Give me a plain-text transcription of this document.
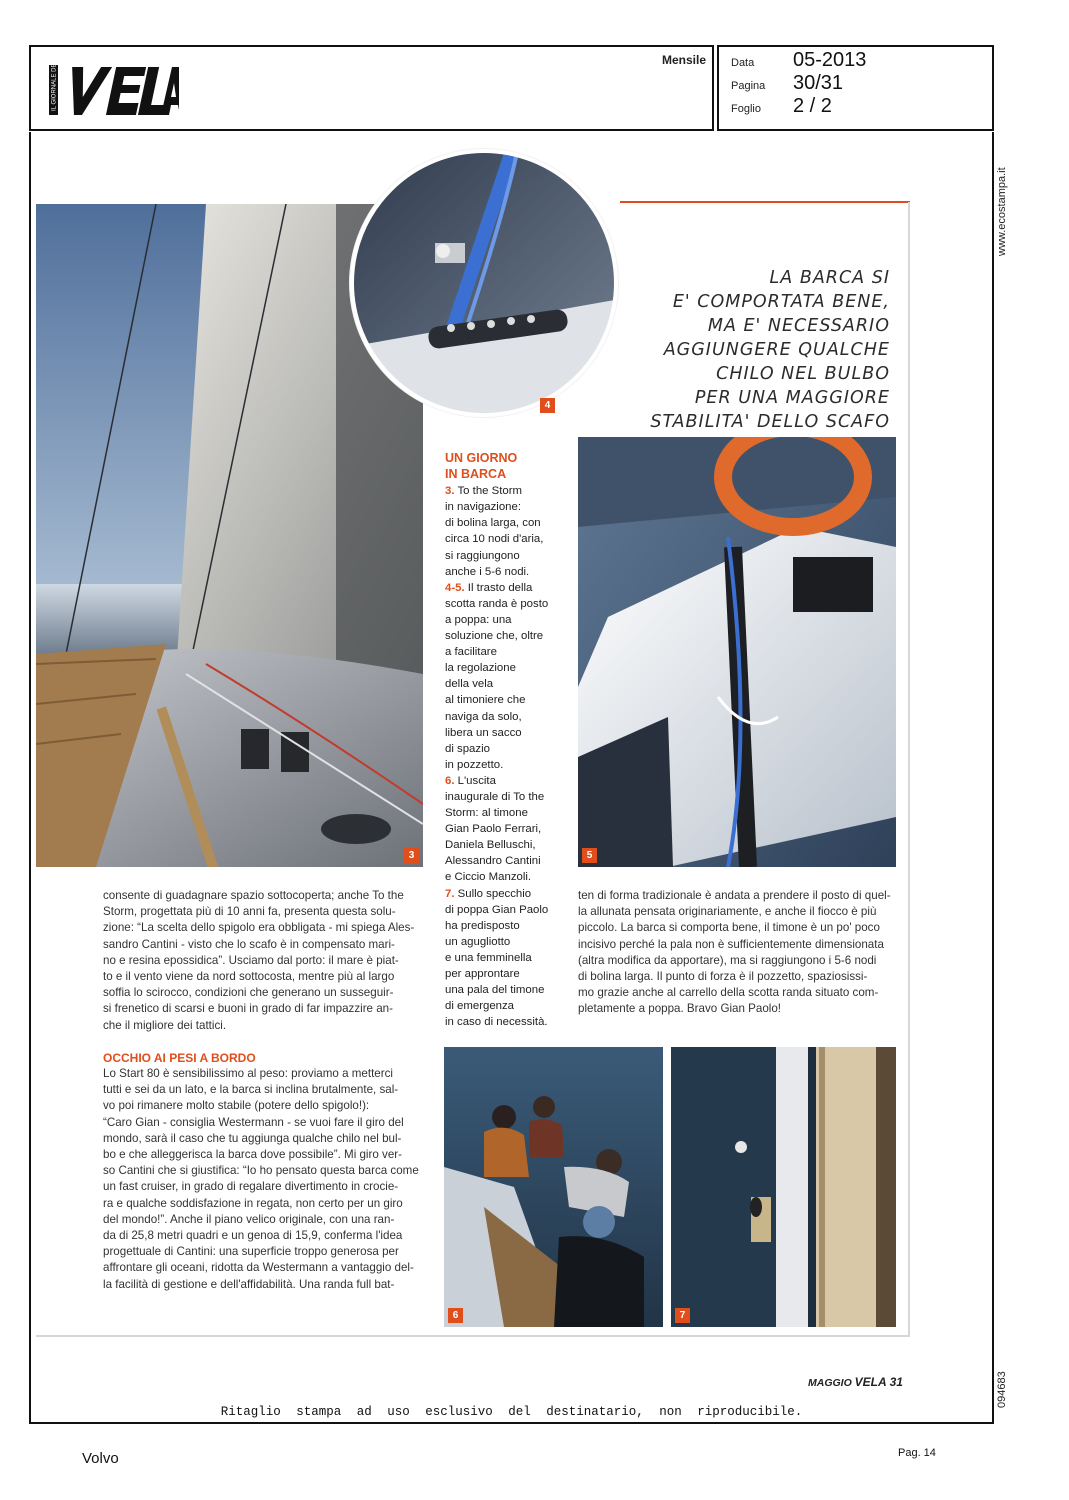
IL GIORNALE DELLA	Mensile Data 05-2013
Pagina 30/31
Foglio 2 / 2
www.ecostampa.it
094683
3
4
LA BARCA SI
E' COMPORTATA BENE,
MA E' NECESSARIO
AGGIUNGERE QUALCHE
CHILO NEL BULBO
PER UNA MAGGIORE
STABILITA' DELLO SCAFO
UN GIORNO
IN BARCA
3. To the Storm
in navigazione:
di bolina larga, con
circa 10 nodi d'aria,
si raggiungono
anche i 5-6 nodi.
4-5. Il trasto della
scotta randa è posto
a poppa: una
soluzione che, oltre
a facilitare
la regolazione
della vela
al timoniere che
naviga da solo,
libera un sacco
di spazio
in pozzetto.
6. L'uscita
inaugurale di To the
Storm: al timone
Gian Paolo Ferrari,
Daniela Belluschi,
Alessandro Cantini
e Ciccio Manzoli.
7. Sullo specchio
di poppa Gian Paolo
ha predisposto
un agugliotto
e una femminella
per approntare
una pala del timone
di emergenza
in caso di necessità.
5
consente di guadagnare spazio sottocoperta; anche To the
Storm, progettata più di 10 anni fa, presenta questa solu-
zione: “La scelta dello spigolo era obbligata - mi spiega Ales-
sandro Cantini - visto che lo scafo è in compensato mari-
no e resina epossidica”. Usciamo dal porto: il mare è piat-
to e il vento viene da nord sottocosta, mentre più al largo
soffia lo scirocco, condizioni che generano un susseguir-
si frenetico di scarsi e buoni in grado di far impazzire an-
che il migliore dei tattici.
OCCHIO AI PESI A BORDO
Lo Start 80 è sensibilissimo al peso: proviamo a metterci
tutti e sei da un lato, e la barca si inclina brutalmente, sal-
vo poi rimanere molto stabile (potere dello spigolo!):
“Caro Gian - consiglia Westermann - se vuoi fare il giro del
mondo, sarà il caso che tu aggiunga qualche chilo nel bul-
bo e che alleggerisca la barca dove possibile”. Mi giro ver-
so Cantini che si giustifica: “Io ho pensato questa barca come
un fast cruiser, in grado di regalare divertimento in crocie-
ra e qualche soddisfazione in regata, non certo per un giro
del mondo!”. Anche il piano velico originale, con una ran-
da di 25,8 metri quadri e un genoa di 15,9, conferma l'idea
progettuale di Cantini: una superficie troppo generosa per
affrontare gli oceani, ridotta da Westermann a vantaggio del-
la facilità di gestione e dell'affidabilità. Una randa full bat-
ten di forma tradizionale è andata a prendere il posto di quel-
la allunata pensata originariamente, e anche il fiocco è più
piccolo. La barca si comporta bene, il timone è un po' poco
incisivo perché la pala non è sufficientemente dimensionata
(altra modifica da apportare), ma si raggiungono i 5-6 nodi
di bolina larga. Il punto di forza è il pozzetto, spaziosissi-
mo grazie anche al carrello della scotta randa situato com-
pletamente a poppa. Bravo Gian Paolo!
6	7
MAGGIO VELA 31
Ritaglio stampa ad uso esclusivo del destinatario, non riproducibile.
Volvo	Pag. 14
